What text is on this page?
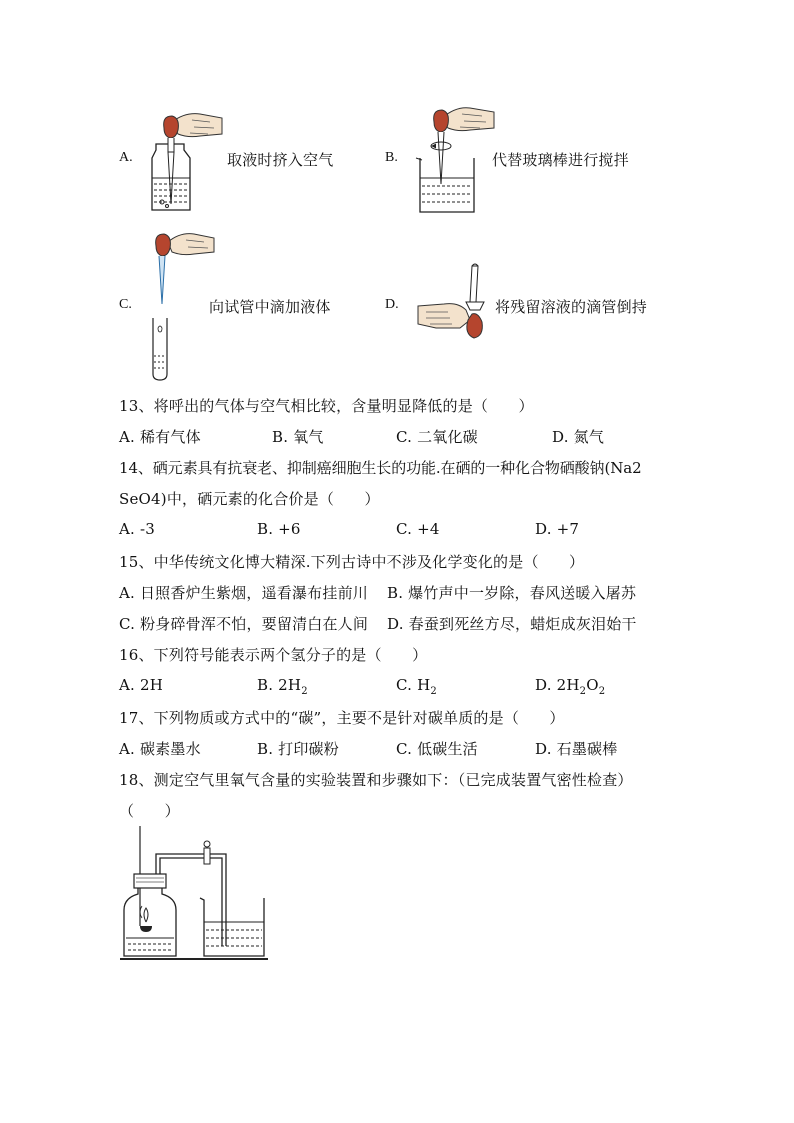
A.	取液时挤入空气	B.	代替玻璃棒进行搅拌
C.	向试管中滴加液体	D.	将残留溶液的滴管倒持
13、将呼出的气体与空气相比较，含量明显降低的是（　　）
A. 稀有气体	B. 氧气	C. 二氧化碳	D. 氮气
14、硒元素具有抗衰老、抑制癌细胞生长的功能.在硒的一种化合物硒酸钠(Na2
SeO4)中，硒元素的化合价是（　　）
A. -3	B. +6	C. +4	D. +7
15、中华传统文化博大精深.下列古诗中不涉及化学变化的是（　　）
A. 日照香炉生紫烟，遥看瀑布挂前川 B. 爆竹声中一岁除，春风送暖入屠苏
C. 粉身碎骨浑不怕，要留清白在人间 D. 春蚕到死丝方尽，蜡炬成灰泪始干
16、下列符号能表示两个氢分子的是（　　）
A. 2H	B. $2H_2$	C. $H_2$	D. $2H_2O_2$
17、下列物质或方式中的“碳”，主要不是针对碳单质的是（　　）
A. 碳素墨水	B. 打印碳粉	C. 低碳生活	D. 石墨碳棒
18、测定空气里氧气含量的实验装置和步骤如下：（已完成装置气密性检查）
（　　）
